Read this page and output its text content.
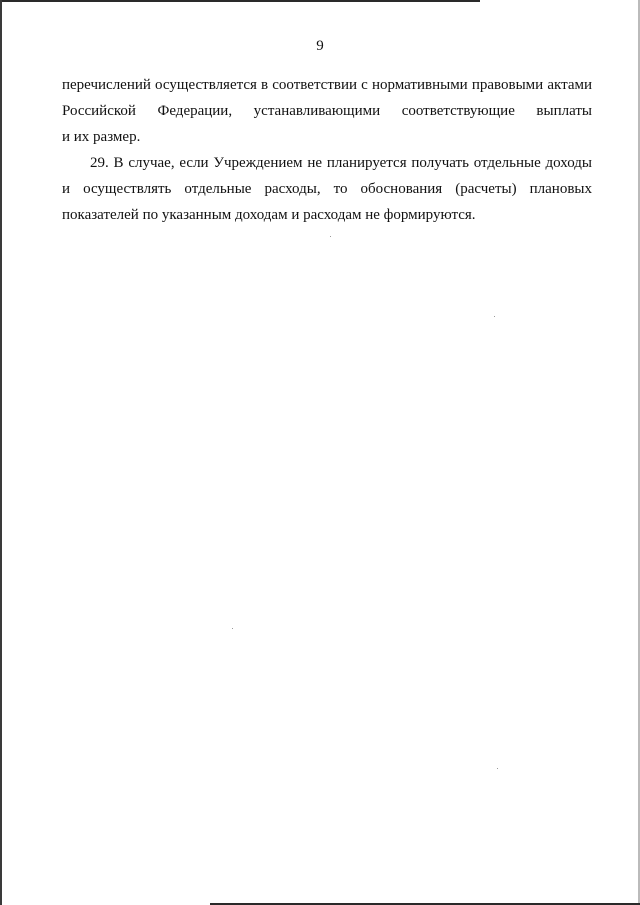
9

перечислений осуществляется в соответствии с нормативными правовыми актами
Российской Федерации, устанавливающими соответствующие выплаты
и их размер.

29. В случае, если Учреждением не планируется получать отдельные доходы
и осуществлять отдельные расходы, то обоснования (расчеты) плановых
показателей по указанным доходам и расходам не формируются.
